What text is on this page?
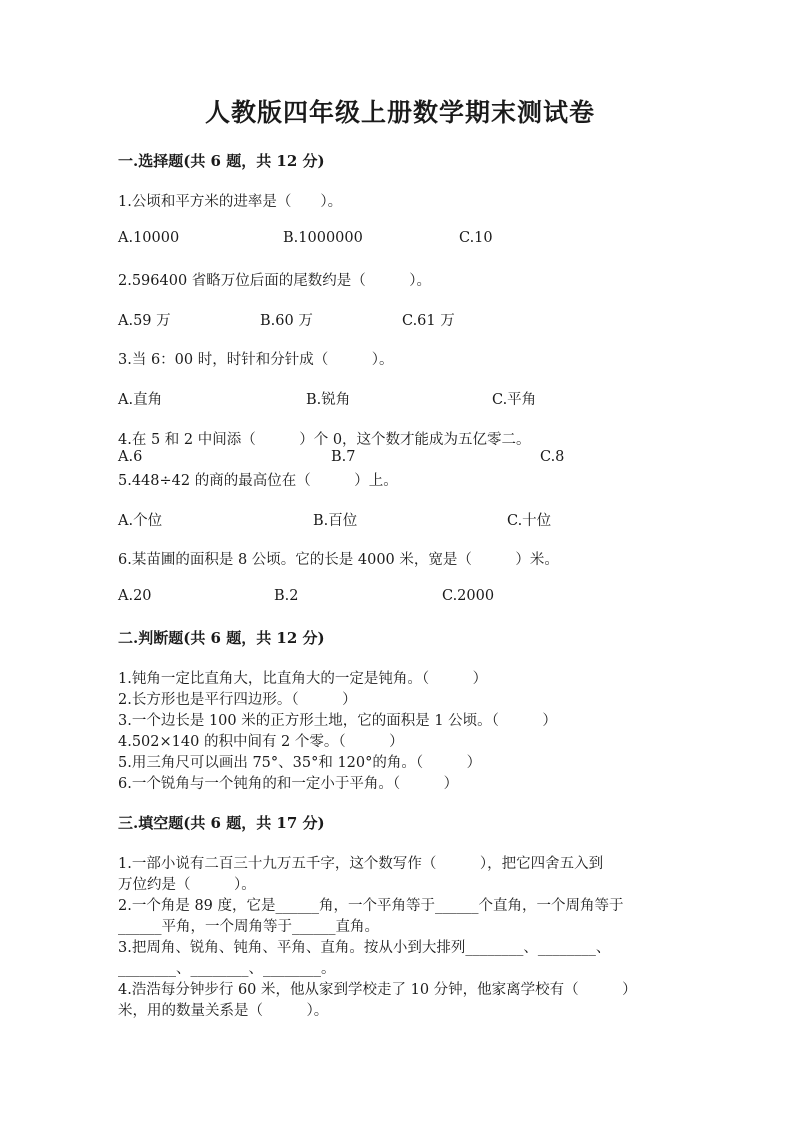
人教版四年级上册数学期末测试卷
一.选择题(共 6 题，共 12 分)
1.公顷和平方米的进率是（　　）。
A.10000	B.1000000	C.10
2.596400 省略万位后面的尾数约是（　　　）。
A.59 万	B.60 万	C.61 万
3.当 6：00 时，时针和分针成（　　　）。
A.直角	B.锐角	C.平角
4.在 5 和 2 中间添（　　　）个 0，这个数才能成为五亿零二。
A.6	B.7	C.8
5.448÷42 的商的最高位在（　　　）上。
A.个位	B.百位	C.十位
6.某苗圃的面积是 8 公顷。它的长是 4000 米，宽是（　　　）米。
A.20	B.2	C.2000
二.判断题(共 6 题，共 12 分)
1.钝角一定比直角大，比直角大的一定是钝角。（　　　）
2.长方形也是平行四边形。（　　　）
3.一个边长是 100 米的正方形土地，它的面积是 1 公顷。（　　　）
4.502×140 的积中间有 2 个零。（　　　）
5.用三角尺可以画出 75°、35°和 120°的角。（　　　）
6.一个锐角与一个钝角的和一定小于平角。（　　　）
三.填空题(共 6 题，共 17 分)
1.一部小说有二百三十九万五千字，这个数写作（　　　），把它四舍五入到
万位约是（　　　）。
2.一个角是 89 度，它是______角，一个平角等于______个直角，一个周角等于
______平角，一个周角等于______直角。
3.把周角、锐角、钝角、平角、直角。按从小到大排列________、________、
________、________、________。
4.浩浩每分钟步行 60 米，他从家到学校走了 10 分钟，他家离学校有（　　　）
米，用的数量关系是（　　　）。
